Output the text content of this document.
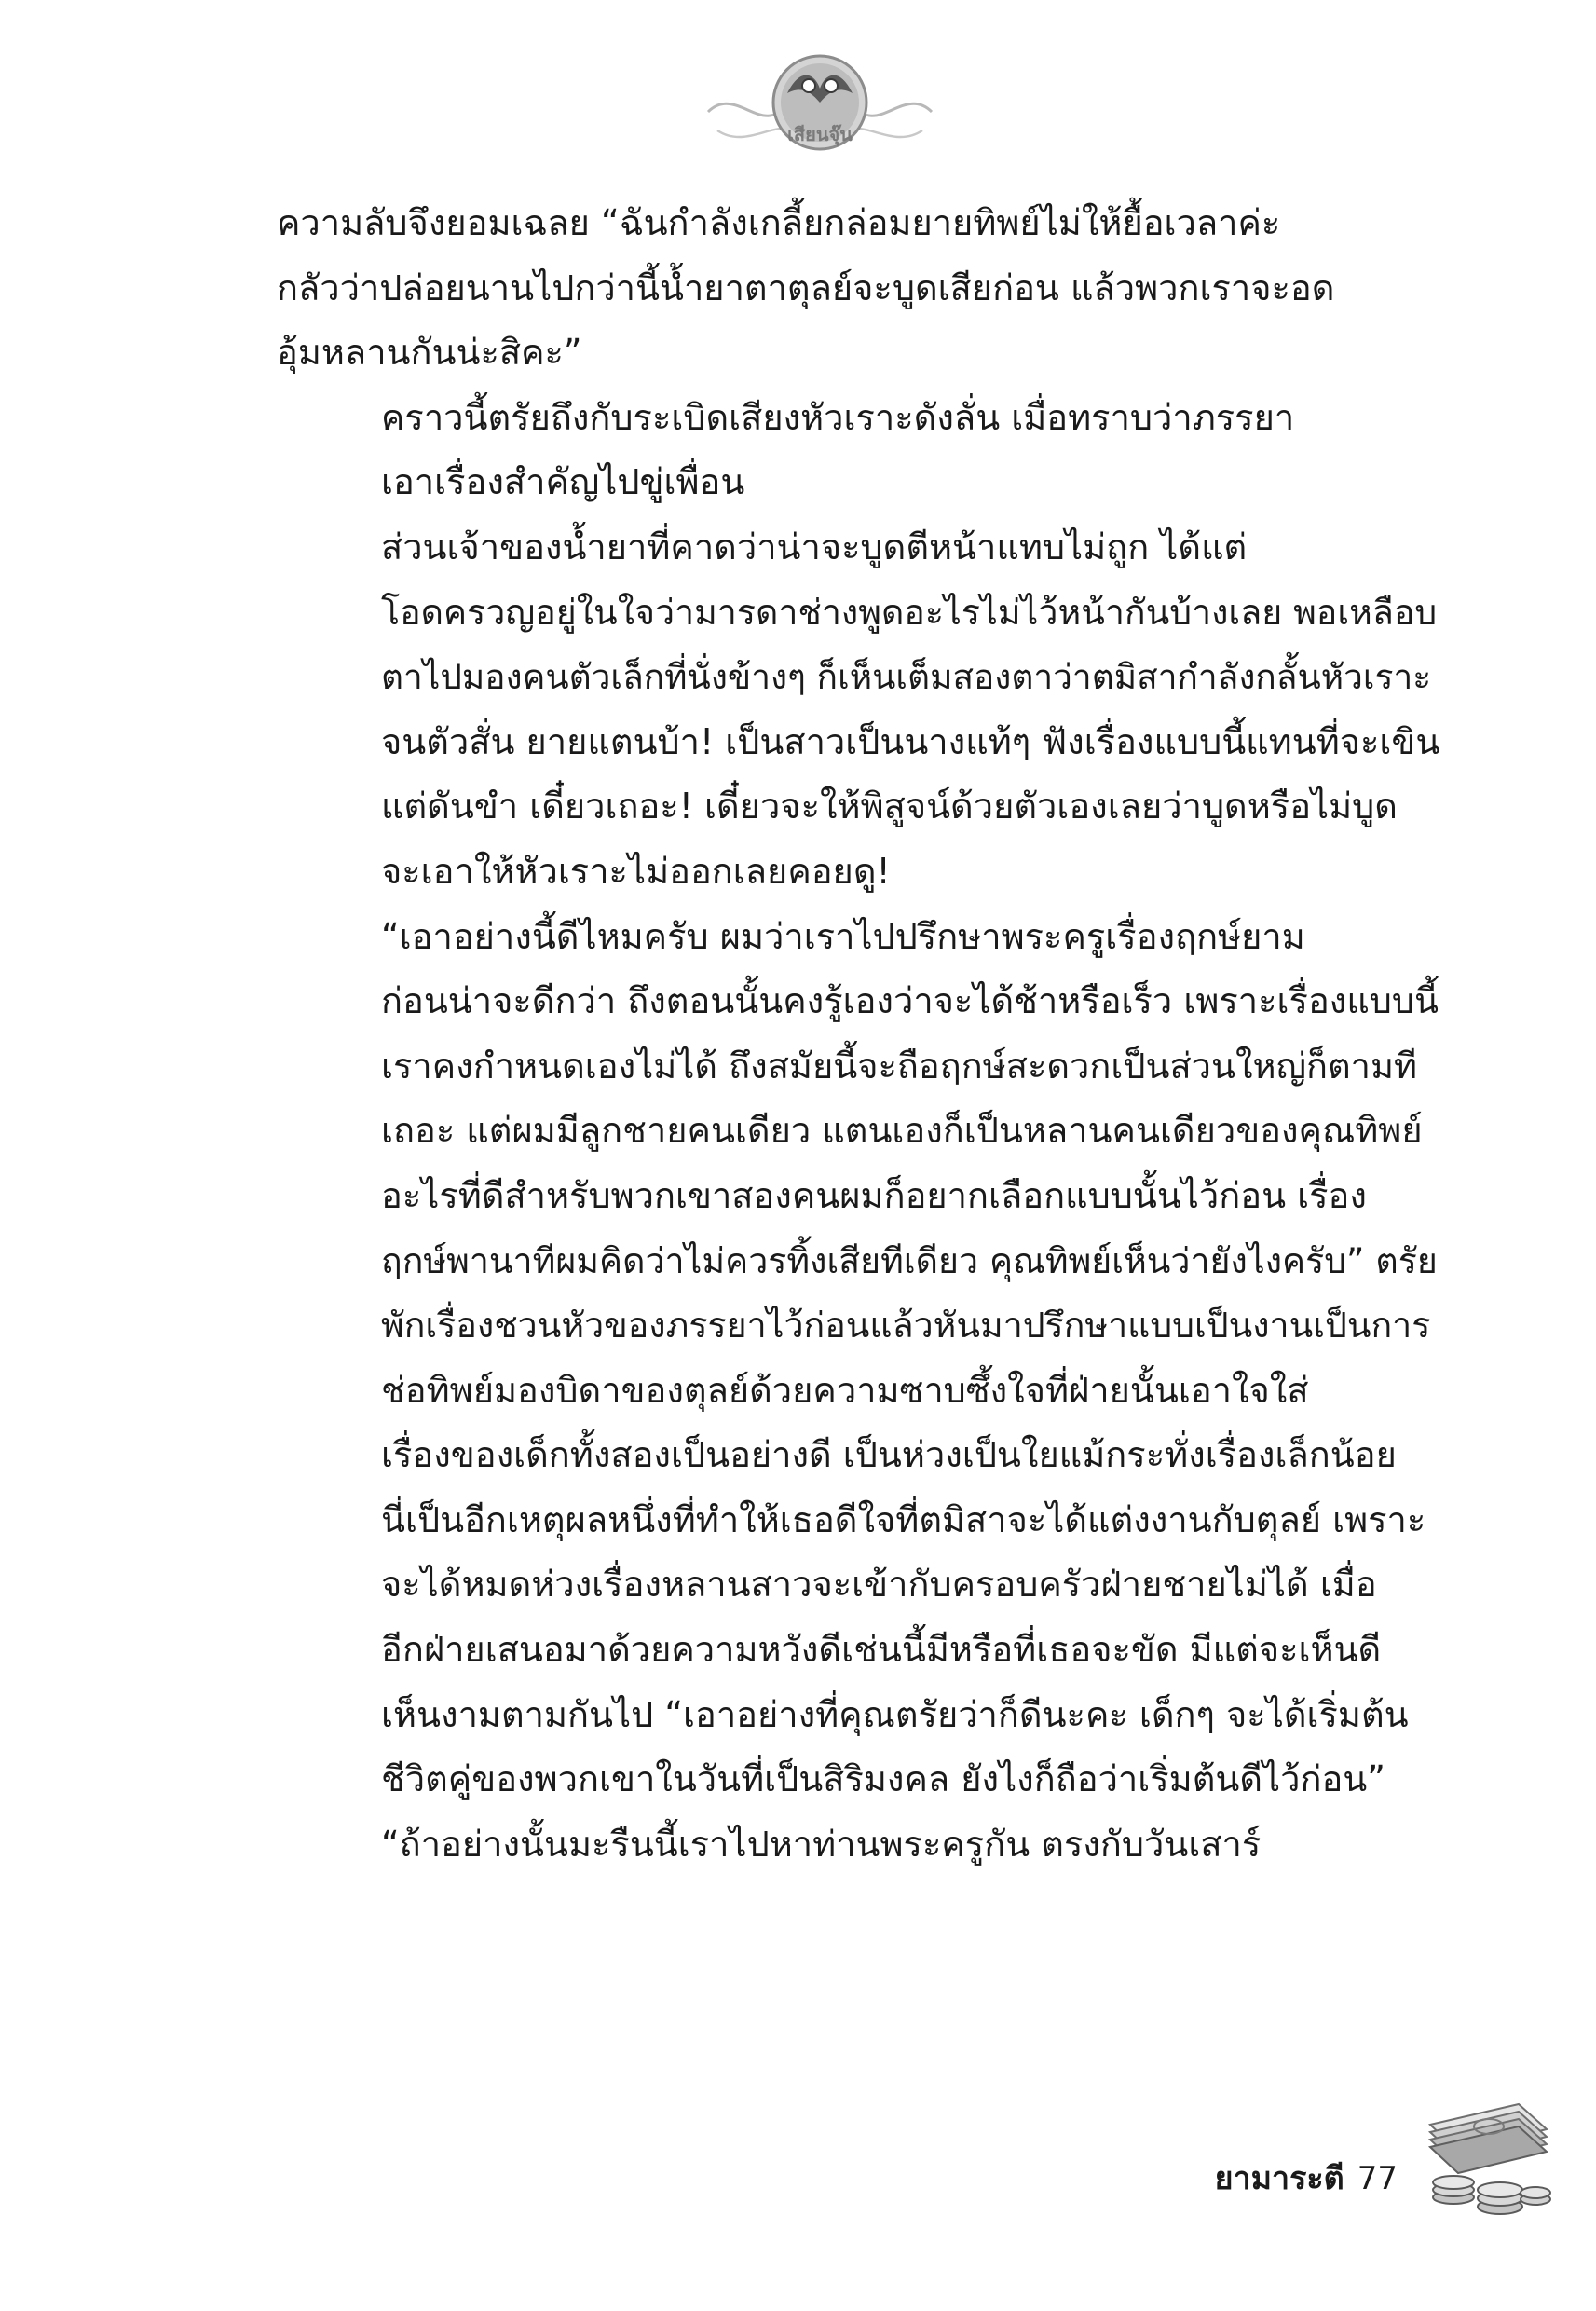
เสียนจุ๊น

ความลับจึงยอมเฉลย “ฉันกำลังเกลี้ยกล่อมยายทิพย์ไม่ให้ยื้อเวลาค่ะ
กลัวว่าปล่อยนานไปกว่านี้น้ำยาตาตุลย์จะบูดเสียก่อน แล้วพวกเราจะอด
อุ้มหลานกันน่ะสิคะ”

คราวนี้ตรัยถึงกับระเบิดเสียงหัวเราะดังลั่น เมื่อทราบว่าภรรยา
เอาเรื่องสำคัญไปขู่เพื่อน

ส่วนเจ้าของน้ำยาที่คาดว่าน่าจะบูดตีหน้าแทบไม่ถูก ได้แต่
โอดครวญอยู่ในใจว่ามารดาช่างพูดอะไรไม่ไว้หน้ากันบ้างเลย พอเหลือบ
ตาไปมองคนตัวเล็กที่นั่งข้างๆ ก็เห็นเต็มสองตาว่าตมิสากำลังกลั้นหัวเราะ
จนตัวสั่น ยายแตนบ้า! เป็นสาวเป็นนางแท้ๆ ฟังเรื่องแบบนี้แทนที่จะเขิน
แต่ดันขำ เดี๋ยวเถอะ! เดี๋ยวจะให้พิสูจน์ด้วยตัวเองเลยว่าบูดหรือไม่บูด
จะเอาให้หัวเราะไม่ออกเลยคอยดู!

“เอาอย่างนี้ดีไหมครับ ผมว่าเราไปปรึกษาพระครูเรื่องฤกษ์ยาม
ก่อนน่าจะดีกว่า ถึงตอนนั้นคงรู้เองว่าจะได้ช้าหรือเร็ว เพราะเรื่องแบบนี้
เราคงกำหนดเองไม่ได้ ถึงสมัยนี้จะถือฤกษ์สะดวกเป็นส่วนใหญ่ก็ตามที
เถอะ แต่ผมมีลูกชายคนเดียว แตนเองก็เป็นหลานคนเดียวของคุณทิพย์
อะไรที่ดีสำหรับพวกเขาสองคนผมก็อยากเลือกแบบนั้นไว้ก่อน เรื่อง
ฤกษ์พานาทีผมคิดว่าไม่ควรทิ้งเสียทีเดียว คุณทิพย์เห็นว่ายังไงครับ” ตรัย
พักเรื่องชวนหัวของภรรยาไว้ก่อนแล้วหันมาปรึกษาแบบเป็นงานเป็นการ

ช่อทิพย์มองบิดาของตุลย์ด้วยความซาบซึ้งใจที่ฝ่ายนั้นเอาใจใส่
เรื่องของเด็กทั้งสองเป็นอย่างดี เป็นห่วงเป็นใยแม้กระทั่งเรื่องเล็กน้อย
นี่เป็นอีกเหตุผลหนึ่งที่ทำให้เธอดีใจที่ตมิสาจะได้แต่งงานกับตุลย์ เพราะ
จะได้หมดห่วงเรื่องหลานสาวจะเข้ากับครอบครัวฝ่ายชายไม่ได้ เมื่อ
อีกฝ่ายเสนอมาด้วยความหวังดีเช่นนี้มีหรือที่เธอจะขัด มีแต่จะเห็นดี
เห็นงามตามกันไป “เอาอย่างที่คุณตรัยว่าก็ดีนะคะ เด็กๆ จะได้เริ่มต้น
ชีวิตคู่ของพวกเขาในวันที่เป็นสิริมงคล ยังไงก็ถือว่าเริ่มต้นดีไว้ก่อน”

“ถ้าอย่างนั้นมะรืนนี้เราไปหาท่านพระครูกัน ตรงกับวันเสาร์

ยามาระตี 77
